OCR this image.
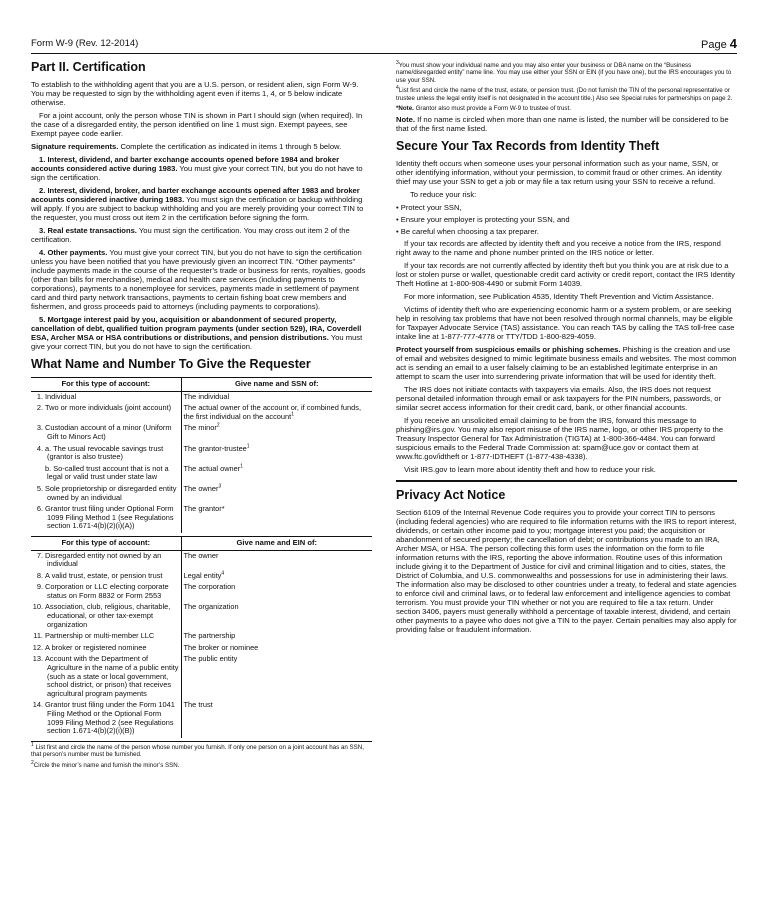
Form W-9 (Rev. 12-2014)	Page 4
Part II. Certification

To establish to the withholding agent that you are a U.S. person, or resident alien, sign Form W-9. You may be requested to sign by the withholding agent even if items 1, 4, or 5 below indicate otherwise.

For a joint account, only the person whose TIN is shown in Part I should sign (when required). In the case of a disregarded entity, the person identified on line 1 must sign. Exempt payees, see Exempt payee code earlier.

Signature requirements. Complete the certification as indicated in items 1 through 5 below.

1. Interest, dividend, and barter exchange accounts opened before 1984 and broker accounts considered active during 1983. You must give your correct TIN, but you do not have to sign the certification.

2. Interest, dividend, broker, and barter exchange accounts opened after 1983 and broker accounts considered inactive during 1983. You must sign the certification or backup withholding will apply. If you are subject to backup withholding and you are merely providing your correct TIN to the requester, you must cross out item 2 in the certification before signing the form.

3. Real estate transactions. You must sign the certification. You may cross out item 2 of the certification.

4. Other payments. You must give your correct TIN, but you do not have to sign the certification unless you have been notified that you have previously given an incorrect TIN. “Other payments” include payments made in the course of the requester’s trade or business for rents, royalties, goods (other than bills for merchandise), medical and health care services (including payments to corporations), payments to a nonemployee for services, payments made in settlement of payment card and third party network transactions, payments to certain fishing boat crew members and fishermen, and gross proceeds paid to attorneys (including payments to corporations).

5. Mortgage interest paid by you, acquisition or abandonment of secured property, cancellation of debt, qualified tuition program payments (under section 529), IRA, Coverdell ESA, Archer MSA or HSA contributions or distributions, and pension distributions. You must give your correct TIN, but you do not have to sign the certification.

What Name and Number To Give the Requester
For this type of account:	Give name and SSN of:

1. Individual	The individual

2. Two or more individuals (joint account)	The actual owner of the account or, if combined funds, the first individual on the account$^1$

3. Custodian account of a minor (Uniform Gift to Minors Act)	The minor$^2$

4. a. The usual revocable savings trust (grantor is also trustee)	The grantor-trustee$^1$

b. So-called trust account that is not a legal or valid trust under state law	The actual owner$^1$

5. Sole proprietorship or disregarded entity owned by an individual	The owner$^3$

6. Grantor trust filing under Optional Form 1099 Filing Method 1 (see Regulations section 1.671-4(b)(2)(i)(A))	The grantor*
For this type of account:	Give name and EIN of:

7. Disregarded entity not owned by an individual	The owner

8. A valid trust, estate, or pension trust	Legal entity$^4$

9. Corporation or LLC electing corporate status on Form 8832 or Form 2553	The corporation

10. Association, club, religious, charitable, educational, or other tax-exempt organization	The organization

11. Partnership or multi-member LLC	The partnership

12. A broker or registered nominee	The broker or nominee

13. Account with the Department of Agriculture in the name of a public entity (such as a state or local government, school district, or prison) that receives agricultural program payments	The public entity

14. Grantor trust filing under the Form 1041 Filing Method or the Optional Form 1099 Filing Method 2 (see Regulations section 1.671-4(b)(2)(i)(B))	The trust
$^1$ List first and circle the name of the person whose number you furnish. If only one person on a joint account has an SSN, that person’s number must be furnished.
$^2$Circle the minor’s name and furnish the minor’s SSN.
$^3$You must show your individual name and you may also enter your business or DBA name on the “Business name/disregarded entity” name line. You may use either your SSN or EIN (if you have one), but the IRS encourages you to use your SSN.
$^4$List first and circle the name of the trust, estate, or pension trust. (Do not furnish the TIN of the personal representative or trustee unless the legal entity itself is not designated in the account title.) Also see Special rules for partnerships on page 2.
*Note. Grantor also must provide a Form W-9 to trustee of trust.

Note. If no name is circled when more than one name is listed, the number will be considered to be that of the first name listed.

Secure Your Tax Records from Identity Theft

Identity theft occurs when someone uses your personal information such as your name, SSN, or other identifying information, without your permission, to commit fraud or other crimes. An identity thief may use your SSN to get a job or may file a tax return using your SSN to receive a refund.

To reduce your risk:

• Protect your SSN,
• Ensure your employer is protecting your SSN, and
• Be careful when choosing a tax preparer.

If your tax records are affected by identity theft and you receive a notice from the IRS, respond right away to the name and phone number printed on the IRS notice or letter.

If your tax records are not currently affected by identity theft but you think you are at risk due to a lost or stolen purse or wallet, questionable credit card activity or credit report, contact the IRS Identity Theft Hotline at 1-800-908-4490 or submit Form 14039.

For more information, see Publication 4535, Identity Theft Prevention and Victim Assistance.

Victims of identity theft who are experiencing economic harm or a system problem, or are seeking help in resolving tax problems that have not been resolved through normal channels, may be eligible for Taxpayer Advocate Service (TAS) assistance. You can reach TAS by calling the TAS toll-free case intake line at 1-877-777-4778 or TTY/TDD 1-800-829-4059.

Protect yourself from suspicious emails or phishing schemes. Phishing is the creation and use of email and websites designed to mimic legitimate business emails and websites. The most common act is sending an email to a user falsely claiming to be an established legitimate enterprise in an attempt to scam the user into surrendering private information that will be used for identity theft.

The IRS does not initiate contacts with taxpayers via emails. Also, the IRS does not request personal detailed information through email or ask taxpayers for the PIN numbers, passwords, or similar secret access information for their credit card, bank, or other financial accounts.

If you receive an unsolicited email claiming to be from the IRS, forward this message to phishing@irs.gov. You may also report misuse of the IRS name, logo, or other IRS property to the Treasury Inspector General for Tax Administration (TIGTA) at 1-800-366-4484. You can forward suspicious emails to the Federal Trade Commission at: spam@uce.gov or contact them at www.ftc.gov/idtheft or 1-877-IDTHEFT (1-877-438-4338).

Visit IRS.gov to learn more about identity theft and how to reduce your risk.

Privacy Act Notice

Section 6109 of the Internal Revenue Code requires you to provide your correct TIN to persons (including federal agencies) who are required to file information returns with the IRS to report interest, dividends, or certain other income paid to you; mortgage interest you paid; the acquisition or abandonment of secured property; the cancellation of debt; or contributions you made to an IRA, Archer MSA, or HSA. The person collecting this form uses the information on the form to file information returns with the IRS, reporting the above information. Routine uses of this information include giving it to the Department of Justice for civil and criminal litigation and to cities, states, the District of Columbia, and U.S. commonwealths and possessions for use in administering their laws. The information also may be disclosed to other countries under a treaty, to federal and state agencies to enforce civil and criminal laws, or to federal law enforcement and intelligence agencies to combat terrorism. You must provide your TIN whether or not you are required to file a tax return. Under section 3406, payers must generally withhold a percentage of taxable interest, dividend, and certain other payments to a payee who does not give a TIN to the payer. Certain penalties may also apply for providing false or fraudulent information.
